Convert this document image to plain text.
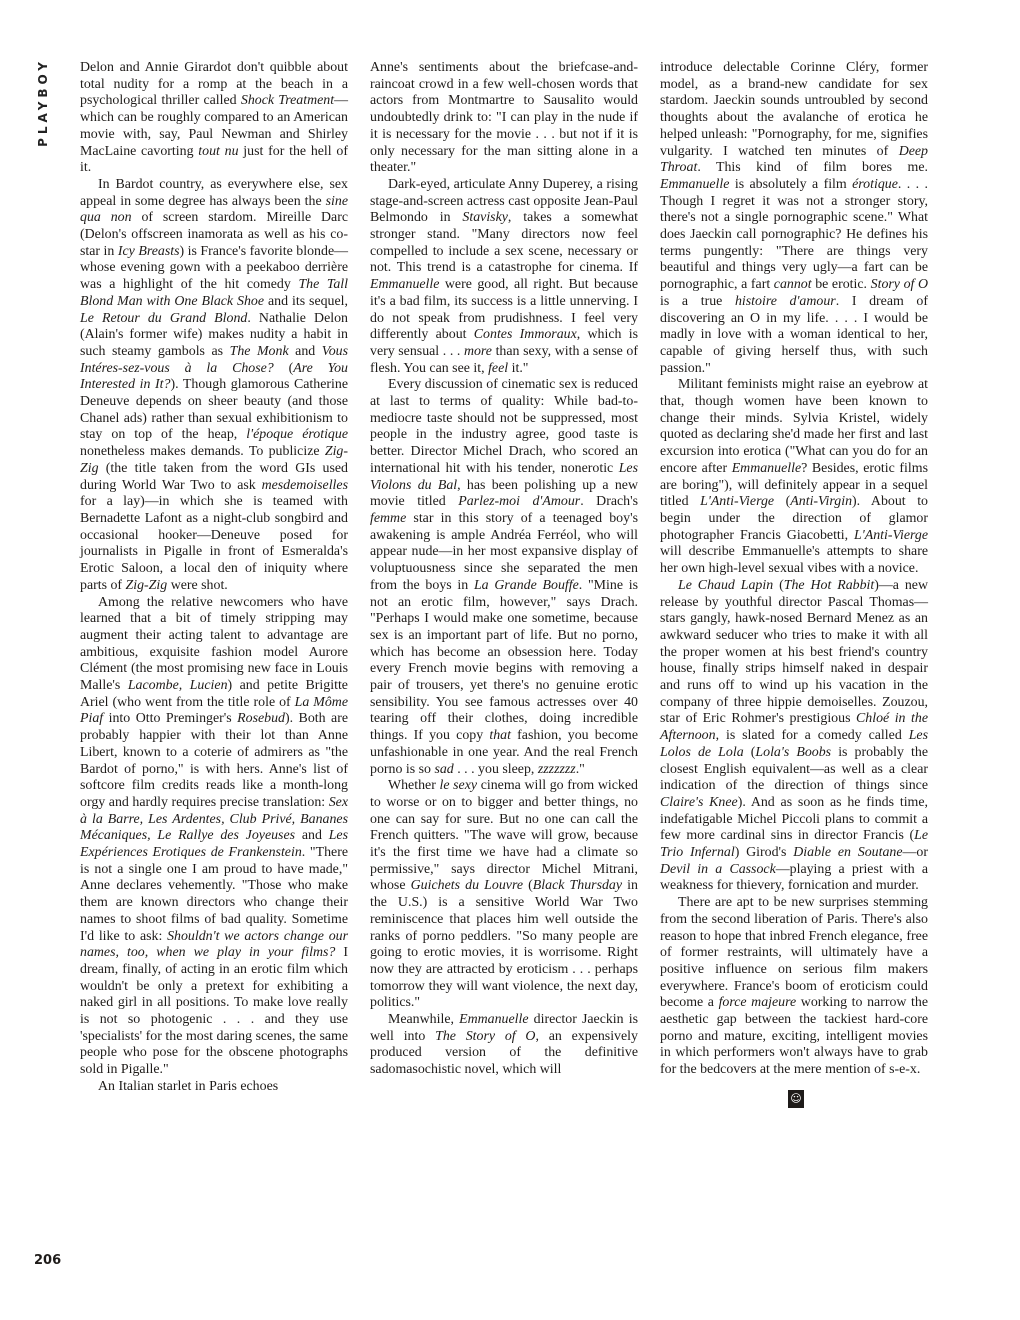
PLAYBOY Delon and Annie Girardot don't quibble about total nudity for a romp at the beach in a psychological thriller called Shock Treatment—which can be roughly compared to an American movie with, say, Paul Newman and Shirley MacLaine cavorting tout nu just for the hell of it.

In Bardot country, as everywhere else, sex appeal in some degree has always been the sine qua non of screen stardom. Mireille Darc (Delon's offscreen inamorata as well as his co-star in Icy Breasts) is France's favorite blonde—whose evening gown with a peekaboo derrière was a highlight of the hit comedy The Tall Blond Man with One Black Shoe and its sequel, Le Retour du Grand Blond. Nathalie Delon (Alain's former wife) makes nudity a habit in such steamy gambols as The Monk and Vous Intéres-sez-vous à la Chose? (Are You Interested in It?). Though glamorous Catherine Deneuve depends on sheer beauty (and those Chanel ads) rather than sexual exhibitionism to stay on top of the heap, l'époque érotique nonetheless makes demands. To publicize Zig-Zig (the title taken from the word GIs used during World War Two to ask mesdemoiselles for a lay)—in which she is teamed with Bernadette Lafont as a night-club songbird and occasional hooker—Deneuve posed for journalists in Pigalle in front of Esmeralda's Erotic Saloon, a local den of iniquity where parts of Zig-Zig were shot.

Among the relative newcomers who have learned that a bit of timely stripping may augment their acting talent to advantage are ambitious, exquisite fashion model Aurore Clément (the most promising new face in Louis Malle's Lacombe, Lucien) and petite Brigitte Ariel (who went from the title role of La Môme Piaf into Otto Preminger's Rosebud). Both are probably happier with their lot than Anne Libert, known to a coterie of admirers as "the Bardot of porno," is with hers. Anne's list of softcore film credits reads like a month-long orgy and hardly requires precise translation: Sex à la Barre, Les Ardentes, Club Privé, Bananes Mécaniques, Le Rallye des Joyeuses and Les Expériences Erotiques de Frankenstein. "There is not a single one I am proud to have made," Anne declares vehemently. "Those who make them are known directors who change their names to shoot films of bad quality. Sometime I'd like to ask: Shouldn't we actors change our names, too, when we play in your films? I dream, finally, of acting in an erotic film which wouldn't be only a pretext for exhibiting a naked girl in all positions. To make love really is not so photogenic . . . and they use 'specialists' for the most daring scenes, the same people who pose for the obscene photographs sold in Pigalle."

An Italian starlet in Paris echoes

Anne's sentiments about the briefcase-and-raincoat crowd in a few well-chosen words that actors from Montmartre to Sausalito would undoubtedly drink to: "I can play in the nude if it is necessary for the movie . . . but not if it is only necessary for the man sitting alone in a theater."

Dark-eyed, articulate Anny Duperey, a rising stage-and-screen actress cast opposite Jean-Paul Belmondo in Stavisky, takes a somewhat stronger stand. "Many directors now feel compelled to include a sex scene, necessary or not. This trend is a catastrophe for cinema. If Emmanuelle were good, all right. But because it's a bad film, its success is a little unnerving. I do not speak from prudishness. I feel very differently about Contes Immoraux, which is very sensual . . . more than sexy, with a sense of flesh. You can see it, feel it."

Every discussion of cinematic sex is reduced at last to terms of quality: While bad-to-mediocre taste should not be suppressed, most people in the industry agree, good taste is better. Director Michel Drach, who scored an international hit with his tender, nonerotic Les Violons du Bal, has been polishing up a new movie titled Parlez-moi d'Amour. Drach's femme star in this story of a teenaged boy's awakening is ample Andréa Ferréol, who will appear nude—in her most expansive display of voluptuousness since she separated the men from the boys in La Grande Bouffe. "Mine is not an erotic film, however," says Drach. "Perhaps I would make one sometime, because sex is an important part of life. But no porno, which has become an obsession here. Today every French movie begins with removing a pair of trousers, yet there's no genuine erotic sensibility. You see famous actresses over 40 tearing off their clothes, doing incredible things. If you copy that fashion, you become unfashionable in one year. And the real French porno is so sad . . . you sleep, zzzzzzz."

Whether le sexy cinema will go from wicked to worse or on to bigger and better things, no one can say for sure. But no one can call the French quitters. "The wave will grow, because it's the first time we have had a climate so permissive," says director Michel Mitrani, whose Guichets du Louvre (Black Thursday in the U.S.) is a sensitive World War Two reminiscence that places him well outside the ranks of porno peddlers. "So many people are going to erotic movies, it is worrisome. Right now they are attracted by eroticism . . . perhaps tomorrow they will want violence, the next day, politics."

Meanwhile, Emmanuelle director Jaeckin is well into The Story of O, an expensively produced version of the definitive sadomasochistic novel, which will

introduce delectable Corinne Cléry, former model, as a brand-new candidate for sex stardom. Jaeckin sounds untroubled by second thoughts about the avalanche of erotica he helped unleash: "Pornography, for me, signifies vulgarity. I watched ten minutes of Deep Throat. This kind of film bores me. Emmanuelle is absolutely a film érotique. . . . Though I regret it was not a stronger story, there's not a single pornographic scene." What does Jaeckin call pornographic? He defines his terms pungently: "There are things very beautiful and things very ugly—a fart can be pornographic, a fart cannot be erotic. Story of O is a true histoire d'amour. I dream of discovering an O in my life. . . . I would be madly in love with a woman identical to her, capable of giving herself thus, with such passion."

Militant feminists might raise an eyebrow at that, though women have been known to change their minds. Sylvia Kristel, widely quoted as declaring she'd made her first and last excursion into erotica ("What can you do for an encore after Emmanuelle? Besides, erotic films are boring"), will definitely appear in a sequel titled L'Anti-Vierge (Anti-Virgin). About to begin under the direction of glamor photographer Francis Giacobetti, L'Anti-Vierge will describe Emmanuelle's attempts to share her own high-level sexual vibes with a novice.

Le Chaud Lapin (The Hot Rabbit)—a new release by youthful director Pascal Thomas—stars gangly, hawk-nosed Bernard Menez as an awkward seducer who tries to make it with all the proper women at his best friend's country house, finally strips himself naked in despair and runs off to wind up his vacation in the company of three hippie demoiselles. Zouzou, star of Eric Rohmer's prestigious Chloé in the Afternoon, is slated for a comedy called Les Lolos de Lola (Lola's Boobs is probably the closest English equivalent—as well as a clear indication of the direction of things since Claire's Knee). And as soon as he finds time, indefatigable Michel Piccoli plans to commit a few more cardinal sins in director Francis (Le Trio Infernal) Girod's Diable en Soutane—or Devil in a Cassock—playing a priest with a weakness for thievery, fornication and murder.

There are apt to be new surprises stemming from the second liberation of Paris. There's also reason to hope that inbred French elegance, free of former restraints, will ultimately have a positive influence on serious film makers everywhere. France's boom of eroticism could become a force majeure working to narrow the aesthetic gap between the tackiest hard-core porno and mature, exciting, intelligent movies in which performers won't always have to grab for the bedcovers at the mere mention of s-e-x.

☺
206
